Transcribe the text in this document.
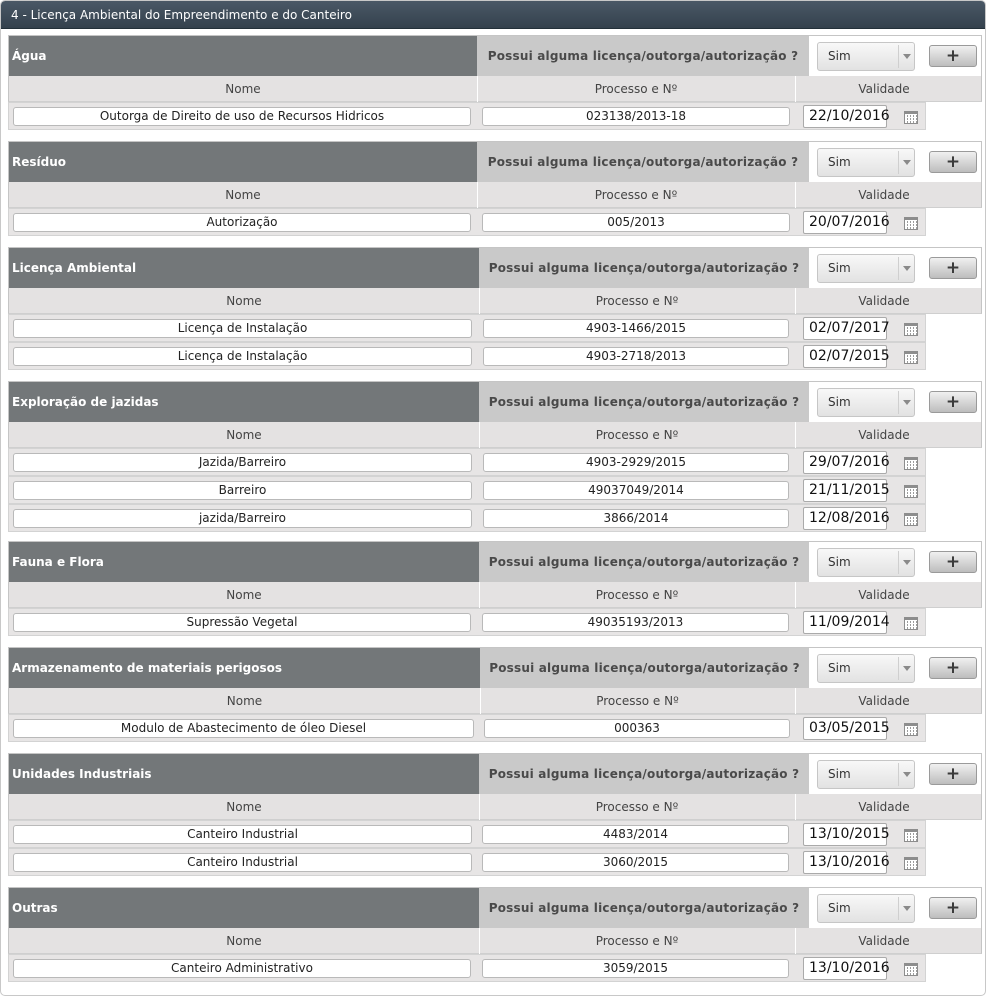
4 - Licença Ambiental do Empreendimento e do Canteiro
Água	Possui alguma licença/outorga/autorização ?	Sim	+
Nome	Processo e Nº	Validade
Outorga de Direito de uso de Recursos Hidricos	023138/2013-18	22/10/2016
Resíduo	Possui alguma licença/outorga/autorização ?	Sim	+
Nome	Processo e Nº	Validade
Autorização	005/2013	20/07/2016
Licença Ambiental	Possui alguma licença/outorga/autorização ?	Sim	+
Nome	Processo e Nº	Validade
Licença de Instalação	4903-1466/2015	02/07/2017
Licença de Instalação	4903-2718/2013	02/07/2015
Exploração de jazidas	Possui alguma licença/outorga/autorização ?	Sim	+
Nome	Processo e Nº	Validade
Jazida/Barreiro	4903-2929/2015	29/07/2016
Barreiro	49037049/2014	21/11/2015
jazida/Barreiro	3866/2014	12/08/2016
Fauna e Flora	Possui alguma licença/outorga/autorização ?	Sim	+
Nome	Processo e Nº	Validade
Supressão Vegetal	49035193/2013	11/09/2014
Armazenamento de materiais perigosos	Possui alguma licença/outorga/autorização ?	Sim	+
Nome	Processo e Nº	Validade
Modulo de Abastecimento de óleo Diesel	000363	03/05/2015
Unidades Industriais	Possui alguma licença/outorga/autorização ?	Sim	+
Nome	Processo e Nº	Validade
Canteiro Industrial	4483/2014	13/10/2015
Canteiro Industrial	3060/2015	13/10/2016
Outras	Possui alguma licença/outorga/autorização ?	Sim	+
Nome	Processo e Nº	Validade
Canteiro Administrativo	3059/2015	13/10/2016
